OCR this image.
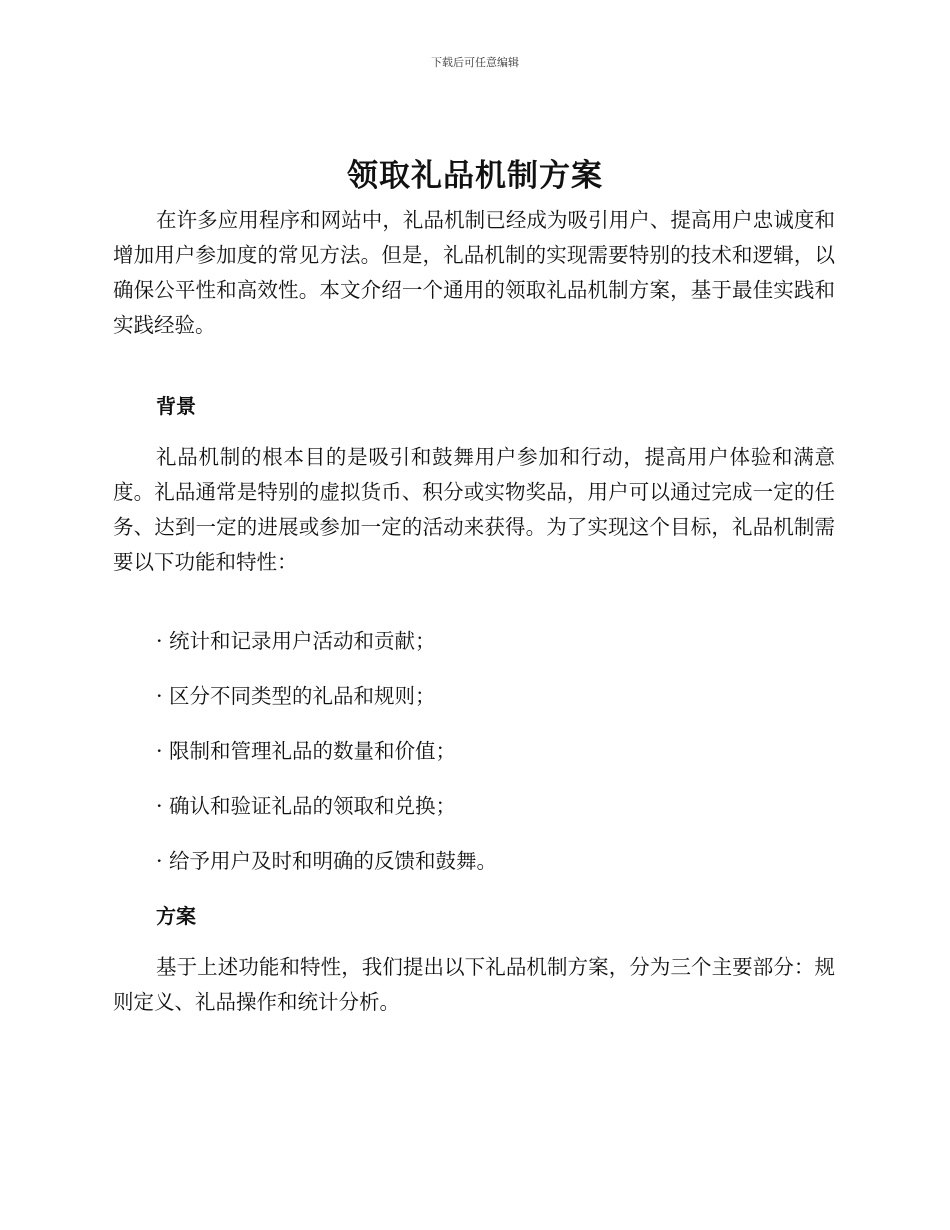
下载后可任意编辑
领取礼品机制方案

在许多应用程序和网站中，礼品机制已经成为吸引用户、提高用户忠诚度和增加用户参加度的常见方法。但是，礼品机制的实现需要特别的技术和逻辑，以确保公平性和高效性。本文介绍一个通用的领取礼品机制方案，基于最佳实践和实践经验。

背景

礼品机制的根本目的是吸引和鼓舞用户参加和行动，提高用户体验和满意度。礼品通常是特别的虚拟货币、积分或实物奖品，用户可以通过完成一定的任务、达到一定的进展或参加一定的活动来获得。为了实现这个目标，礼品机制需要以下功能和特性：

· 统计和记录用户活动和贡献；

· 区分不同类型的礼品和规则；

· 限制和管理礼品的数量和价值；

· 确认和验证礼品的领取和兑换；

· 给予用户及时和明确的反馈和鼓舞。

方案

基于上述功能和特性，我们提出以下礼品机制方案，分为三个主要部分：规则定义、礼品操作和统计分析。
